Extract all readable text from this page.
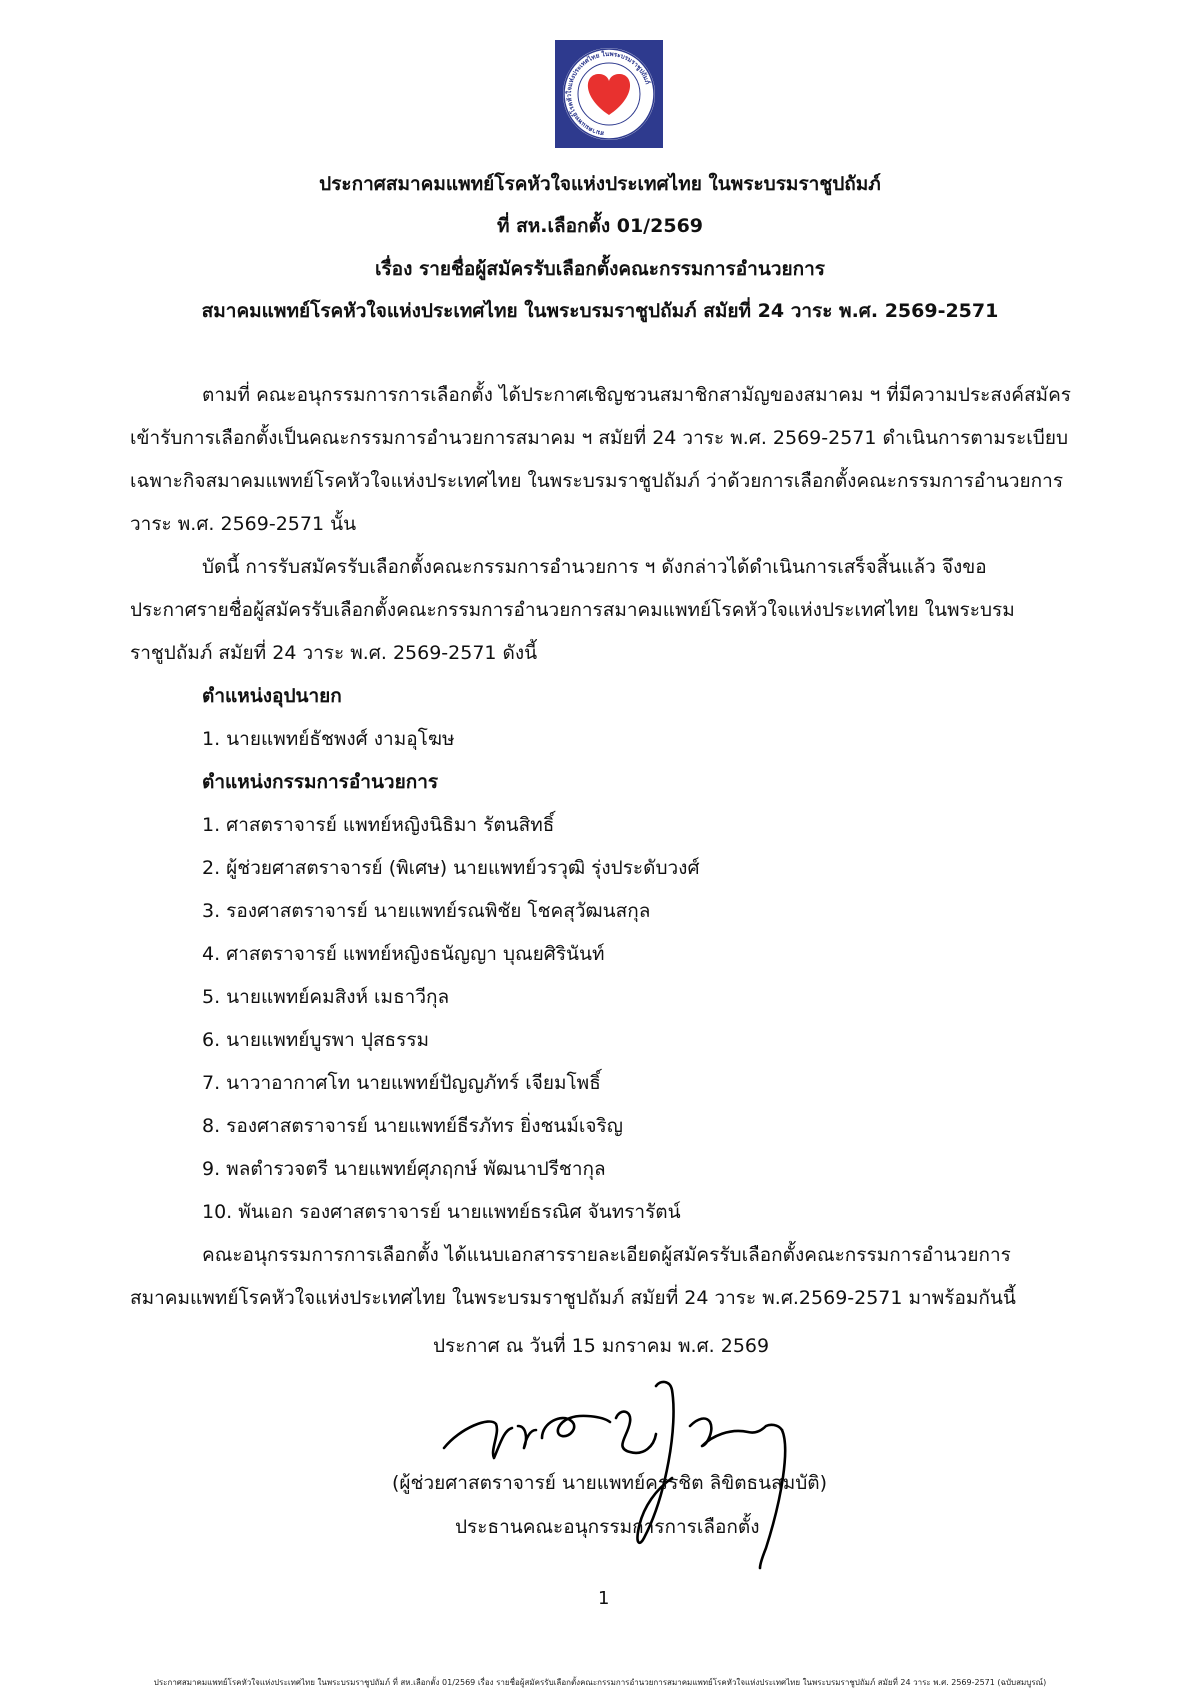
สมาคมแพทย์โรคหัวใจแห่งประเทศไทย ในพระบรมราชูปถัมภ์
ประกาศสมาคมแพทย์โรคหัวใจแห่งประเทศไทย ในพระบรมราชูปถัมภ์
ที่ สห.เลือกตั้ง 01/2569
เรื่อง รายชื่อผู้สมัครรับเลือกตั้งคณะกรรมการอำนวยการ
สมาคมแพทย์โรคหัวใจแห่งประเทศไทย ในพระบรมราชูปถัมภ์ สมัยที่ 24 วาระ พ.ศ. 2569-2571
ตามที่ คณะอนุกรรมการการเลือกตั้ง ได้ประกาศเชิญชวนสมาชิกสามัญของสมาคม ฯ ที่มีความประสงค์สมัคร
เข้ารับการเลือกตั้งเป็นคณะกรรมการอำนวยการสมาคม ฯ สมัยที่ 24 วาระ พ.ศ. 2569-2571 ดำเนินการตามระเบียบ
เฉพาะกิจสมาคมแพทย์โรคหัวใจแห่งประเทศไทย ในพระบรมราชูปถัมภ์ ว่าด้วยการเลือกตั้งคณะกรรมการอำนวยการ
วาระ พ.ศ. 2569-2571 นั้น
บัดนี้ การรับสมัครรับเลือกตั้งคณะกรรมการอำนวยการ ฯ ดังกล่าวได้ดำเนินการเสร็จสิ้นแล้ว จึงขอ
ประกาศรายชื่อผู้สมัครรับเลือกตั้งคณะกรรมการอำนวยการสมาคมแพทย์โรคหัวใจแห่งประเทศไทย ในพระบรม
ราชูปถัมภ์ สมัยที่ 24 วาระ พ.ศ. 2569-2571 ดังนี้
ตำแหน่งอุปนายก
1. นายแพทย์ธัชพงศ์ งามอุโฆษ
ตำแหน่งกรรมการอำนวยการ
1. ศาสตราจารย์ แพทย์หญิงนิธิมา รัตนสิทธิ์
2. ผู้ช่วยศาสตราจารย์ (พิเศษ) นายแพทย์วรวุฒิ รุ่งประดับวงศ์
3. รองศาสตราจารย์ นายแพทย์รณพิชัย โชคสุวัฒนสกุล
4. ศาสตราจารย์ แพทย์หญิงธนัญญา บุณยศิรินันท์
5. นายแพทย์คมสิงห์ เมธาวีกุล
6. นายแพทย์บูรพา ปุสธรรม
7. นาวาอากาศโท นายแพทย์ปัญญภัทร์ เจียมโพธิ์
8. รองศาสตราจารย์ นายแพทย์ธีรภัทร ยิ่งชนม์เจริญ
9. พลตำรวจตรี นายแพทย์ศุภฤกษ์ พัฒนาปรีชากุล
10. พันเอก รองศาสตราจารย์ นายแพทย์ธรณิศ จันทรารัตน์
คณะอนุกรรมการการเลือกตั้ง ได้แนบเอกสารรายละเอียดผู้สมัครรับเลือกตั้งคณะกรรมการอำนวยการ
สมาคมแพทย์โรคหัวใจแห่งประเทศไทย ในพระบรมราชูปถัมภ์ สมัยที่ 24 วาระ พ.ศ.2569-2571 มาพร้อมกันนี้
ประกาศ ณ วันที่ 15 มกราคม พ.ศ. 2569
(ผู้ช่วยศาสตราจารย์ นายแพทย์ครรชิต ลิขิตธนสมบัติ)
ประธานคณะอนุกรรมการการเลือกตั้ง
1
ประกาศสมาคมแพทย์โรคหัวใจแห่งประเทศไทย ในพระบรมราชูปถัมภ์ ที่ สห.เลือกตั้ง 01/2569 เรื่อง รายชื่อผู้สมัครรับเลือกตั้งคณะกรรมการอำนวยการสมาคมแพทย์โรคหัวใจแห่งประเทศไทย ในพระบรมราชูปถัมภ์ สมัยที่ 24 วาระ พ.ศ. 2569-2571 (ฉบับสมบูรณ์)
